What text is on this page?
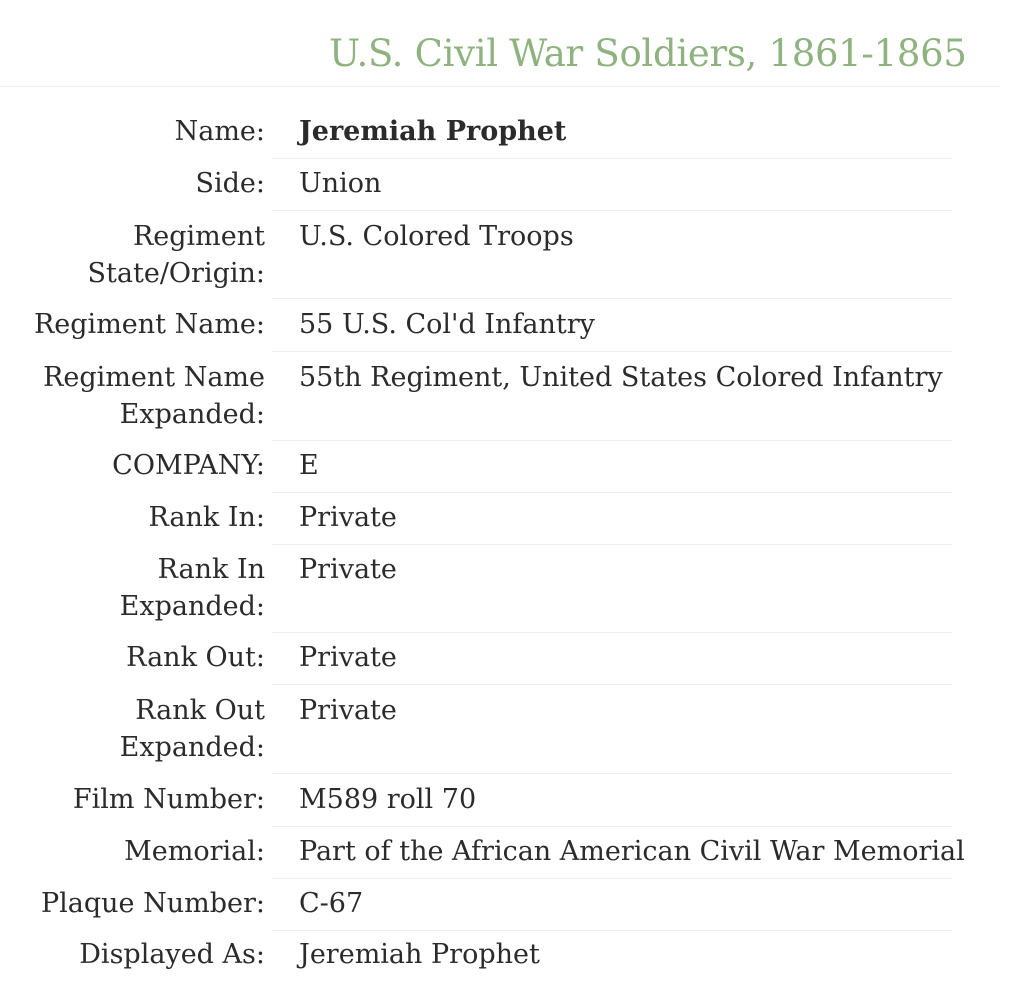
U.S. Civil War Soldiers, 1861-1865
Name: Jeremiah Prophet
Side: Union
Regiment
State/Origin:
U.S. Colored Troops
Regiment Name: 55 U.S. Col'd Infantry
Regiment Name
Expanded:
55th Regiment, United States Colored Infantry
COMPANY: E
Rank In: Private
Rank In
Expanded:
Private
Rank Out: Private
Rank Out
Expanded:
Private
Film Number: M589 roll 70
Memorial: Part of the African American Civil War Memorial
Plaque Number: C-67
Displayed As: Jeremiah Prophet
